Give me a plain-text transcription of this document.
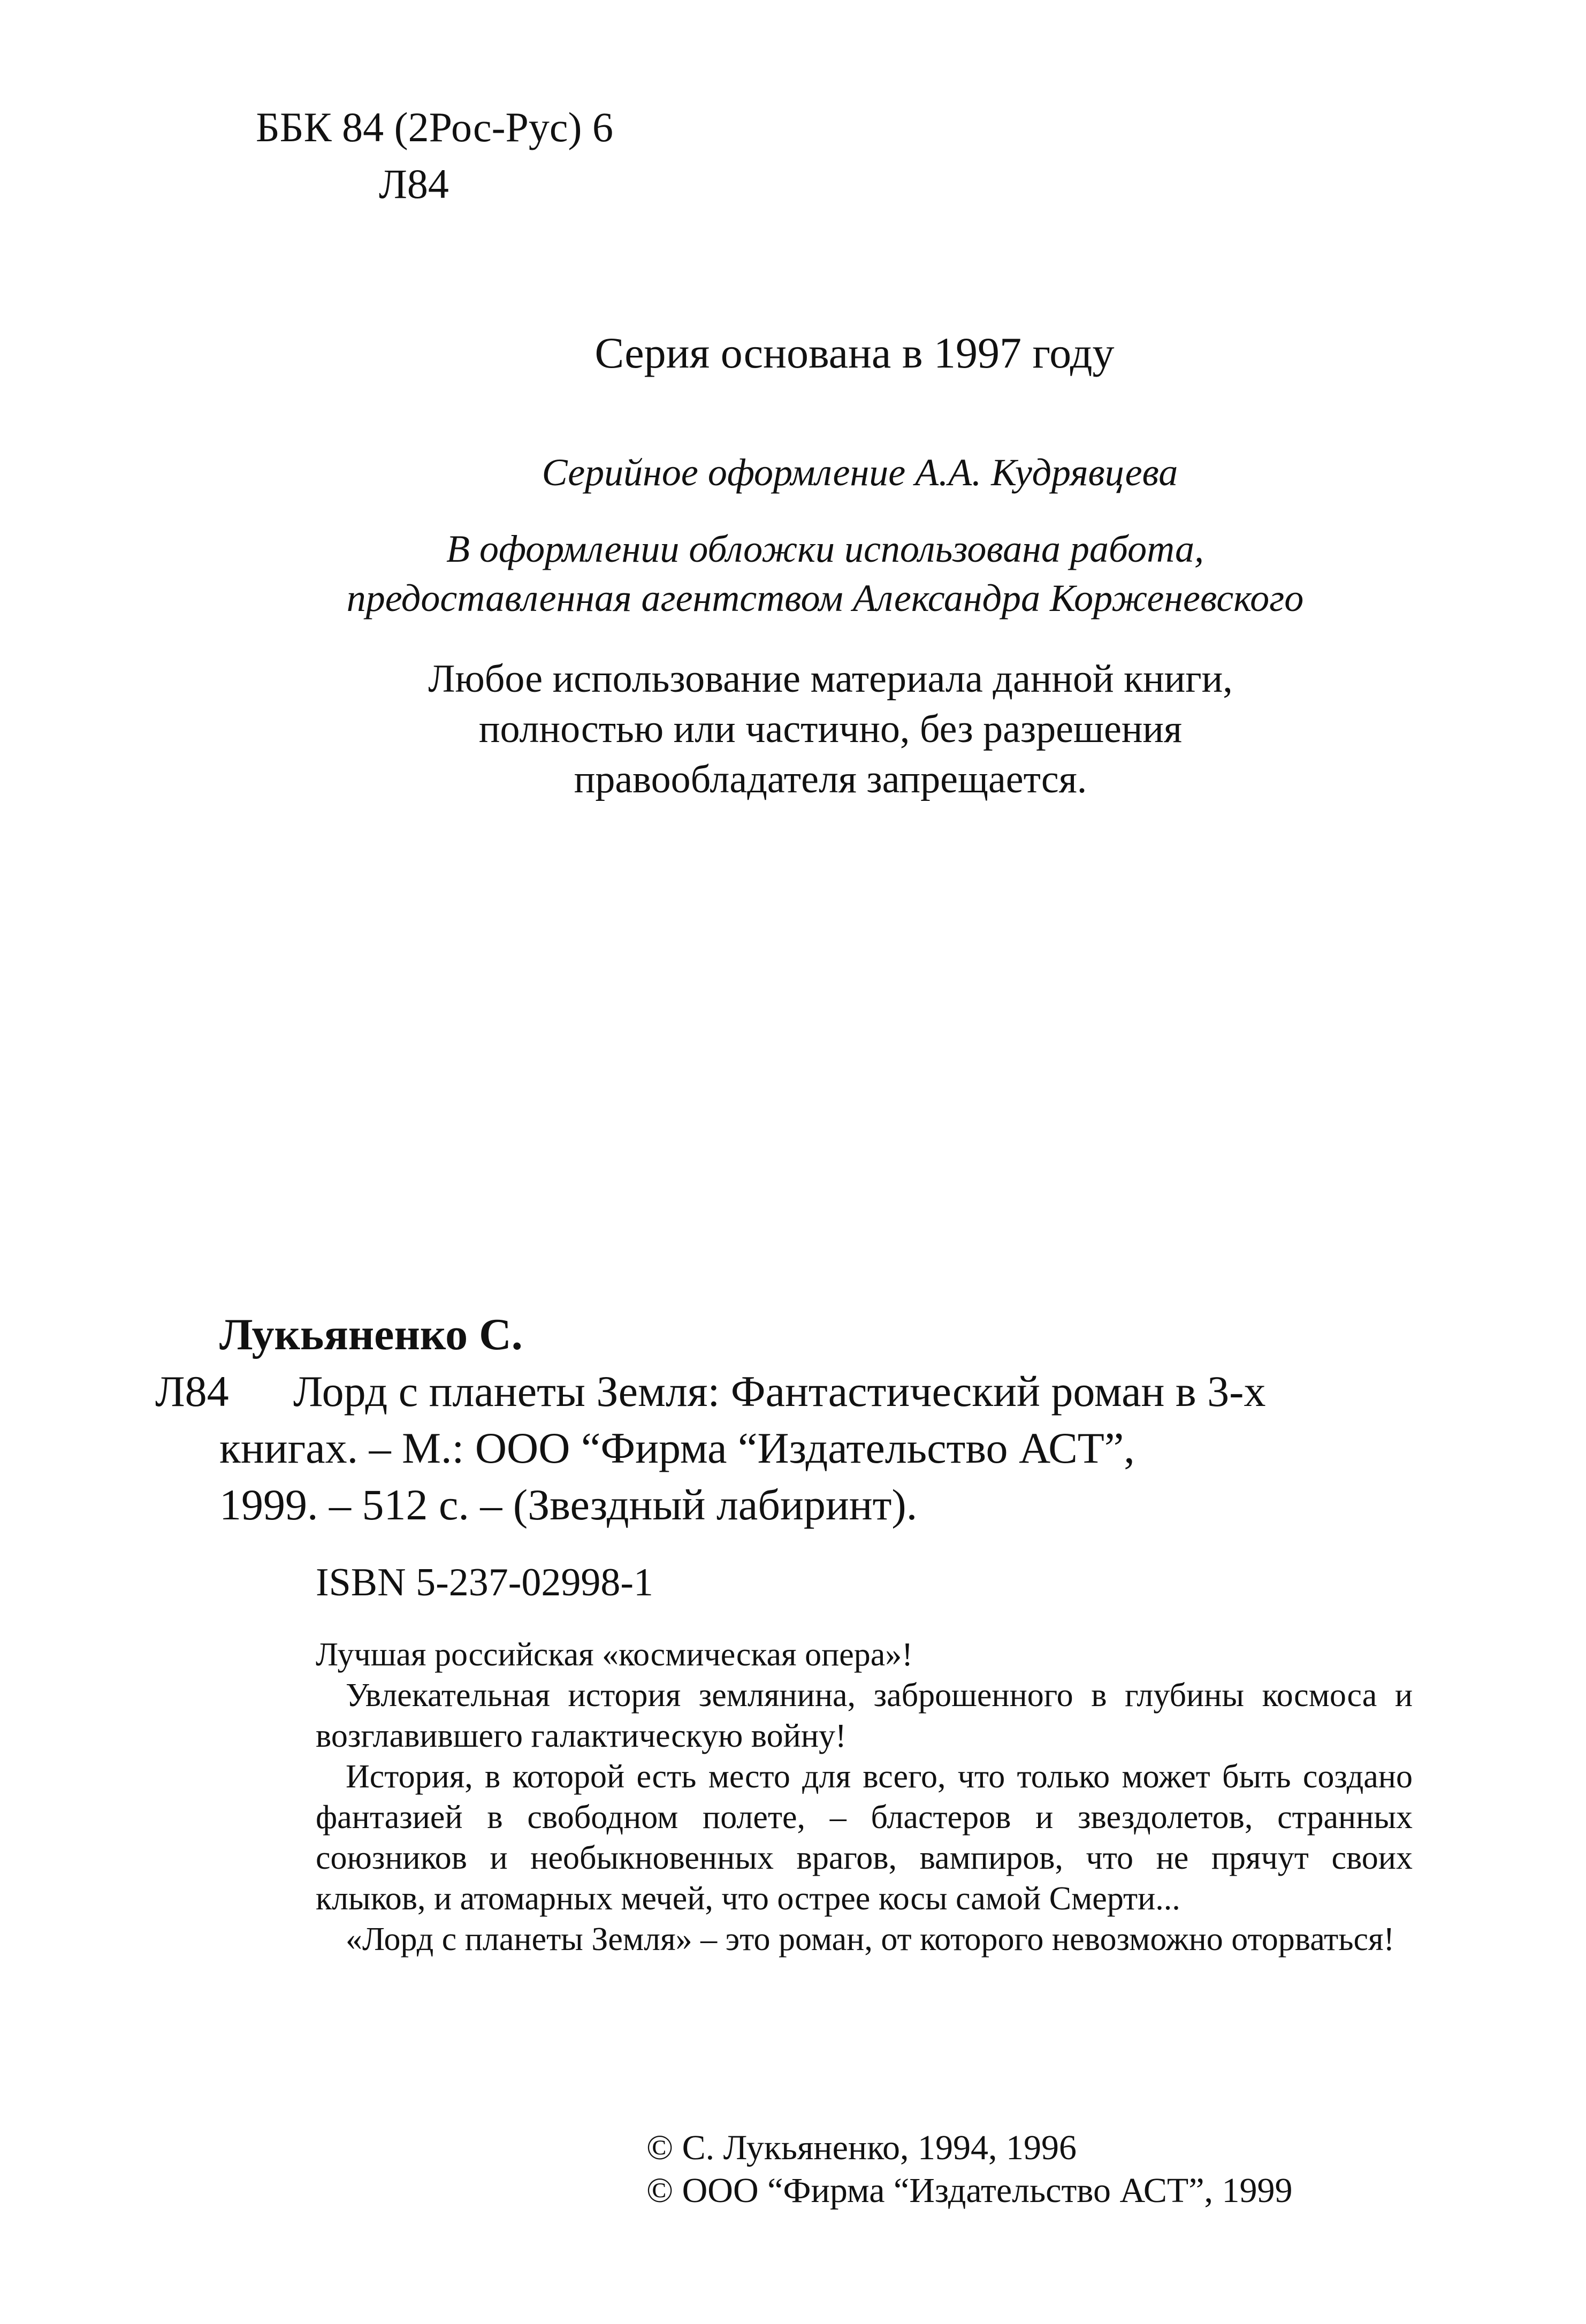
ББК 84 (2Рос-Рус) 6
Л84
Серия основана в 1997 году
Серийное оформление А.А. Кудрявцева
В оформлении обложки использована работа,
предоставленная агентством Александра Корженевского
Любое использование материала данной книги,
полностью или частично, без разрешения
правообладателя запрещается.
Лукьяненко С.
Л84 Лорд с планеты Земля: Фантастический роман в 3-х
книгах. – М.: ООО “Фирма “Издательство АСТ”,
1999. – 512 с. – (Звездный лабиринт).
ISBN 5-237-02998-1

Лучшая российская «космическая опера»!

Увлекательная история землянина, заброшенного в глубины космоса и возглавившего галактическую войну!

История, в которой есть место для всего, что только может быть создано фантазией в свободном полете, – бластеров и звездолетов, странных союзников и необыкновенных врагов, вампиров, что не прячут своих клыков, и атомарных мечей, что острее косы самой Смерти...

«Лорд с планеты Земля» – это роман, от которого невозможно оторваться!

© С. Лукьяненко, 1994, 1996
© ООО “Фирма “Издательство АСТ”, 1999
